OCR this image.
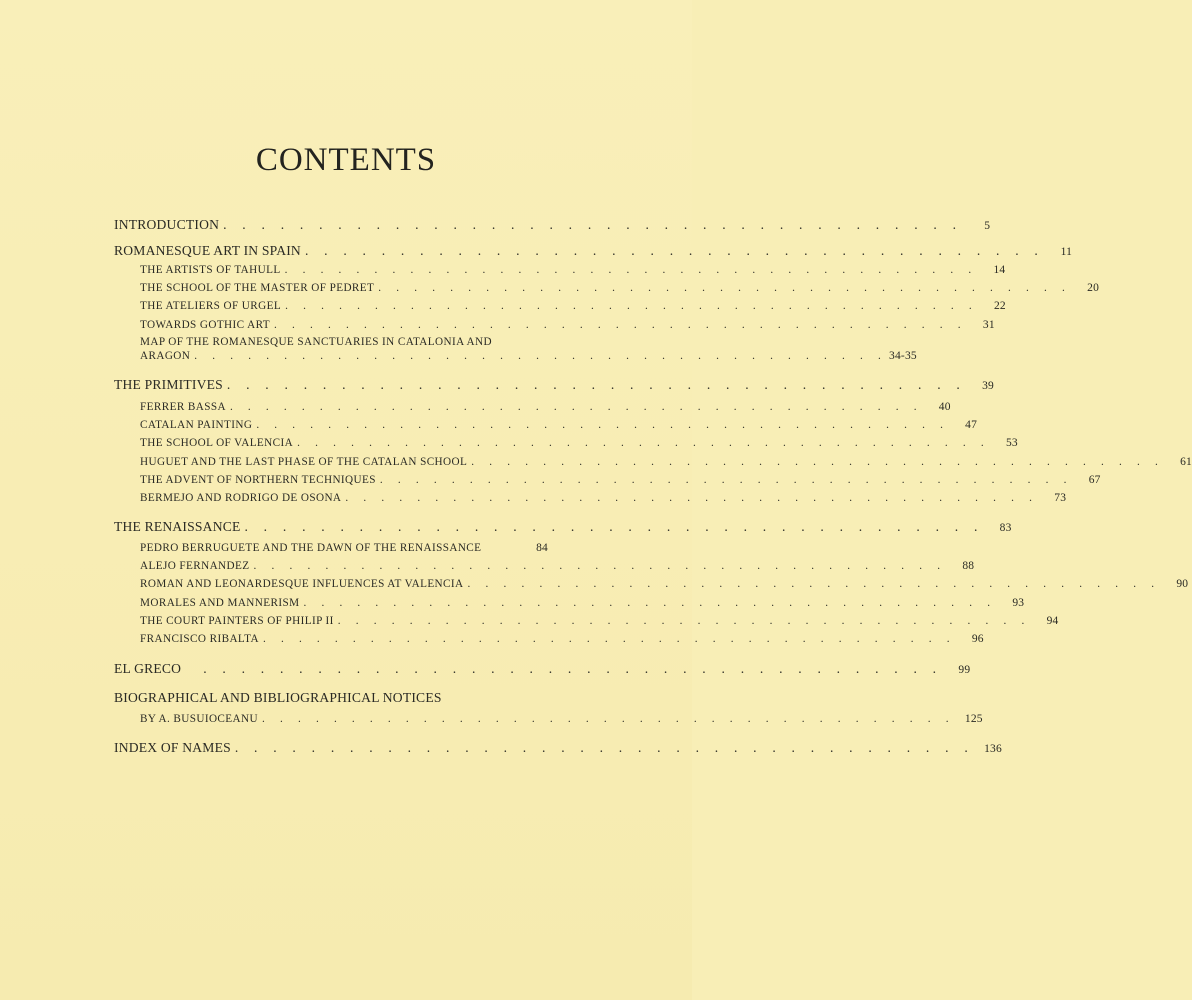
CONTENTS
INTRODUCTION . . . . . . . . . . . . . . . . . . . . . . . . . . . . . . . . . . . . . . .	5
ROMANESQUE ART IN SPAIN . . . . . . . . . . . . . . . . . . . . . . . . . . . . . . . . . . . . . . .	11
THE ARTISTS OF TAHULL . . . . . . . . . . . . . . . . . . . . . . . . . . . . . . . . . . . . . . .	14
THE SCHOOL OF THE MASTER OF PEDRET . . . . . . . . . . . . . . . . . . . . . . . . . . . . . . . . . . . . . . .	20
THE ATELIERS OF URGEL . . . . . . . . . . . . . . . . . . . . . . . . . . . . . . . . . . . . . . .	22
TOWARDS GOTHIC ART . . . . . . . . . . . . . . . . . . . . . . . . . . . . . . . . . . . . . . .	31
MAP OF THE ROMANESQUE SANCTUARIES IN CATALONIA AND
ARAGON . . . . . . . . . . . . . . . . . . . . . . . . . . . . . . . . . . . . . . . 34-35
THE PRIMITIVES . . . . . . . . . . . . . . . . . . . . . . . . . . . . . . . . . . . . . . .	39
FERRER BASSA . . . . . . . . . . . . . . . . . . . . . . . . . . . . . . . . . . . . . . .	40
CATALAN PAINTING . . . . . . . . . . . . . . . . . . . . . . . . . . . . . . . . . . . . . . .	47
THE SCHOOL OF VALENCIA . . . . . . . . . . . . . . . . . . . . . . . . . . . . . . . . . . . . . . .	53
HUGUET AND THE LAST PHASE OF THE CATALAN SCHOOL . . . . . . . . . . . . . . . . . . . . . . . . . . . . . . . . . . . . . . .	61
THE ADVENT OF NORTHERN TECHNIQUES . . . . . . . . . . . . . . . . . . . . . . . . . . . . . . . . . . . . . . .	67
BERMEJO AND RODRIGO DE OSONA . . . . . . . . . . . . . . . . . . . . . . . . . . . . . . . . . . . . . . .	73
THE RENAISSANCE . . . . . . . . . . . . . . . . . . . . . . . . . . . . . . . . . . . . . . .	83
PEDRO BERRUGUETE AND THE DAWN OF THE RENAISSANCE	84
ALEJO FERNANDEZ . . . . . . . . . . . . . . . . . . . . . . . . . . . . . . . . . . . . . . .	88
ROMAN AND LEONARDESQUE INFLUENCES AT VALENCIA . . . . . . . . . . . . . . . . . . . . . . . . . . . . . . . . . . . . . . .	90
MORALES AND MANNERISM . . . . . . . . . . . . . . . . . . . . . . . . . . . . . . . . . . . . . . .	93
THE COURT PAINTERS OF PHILIP II . . . . . . . . . . . . . . . . . . . . . . . . . . . . . . . . . . . . . . .	94
FRANCISCO RIBALTA . . . . . . . . . . . . . . . . . . . . . . . . . . . . . . . . . . . . . . .	96
EL GRECO . . . . . . . . . . . . . . . . . . . . . . . . . . . . . . . . . . . . . . .	99
BIOGRAPHICAL AND BIBLIOGRAPHICAL NOTICES
BY A. BUSUIOCEANU . . . . . . . . . . . . . . . . . . . . . . . . . . . . . . . . . . . . . . . 125
INDEX OF NAMES . . . . . . . . . . . . . . . . . . . . . . . . . . . . . . . . . . . . . . . 136
